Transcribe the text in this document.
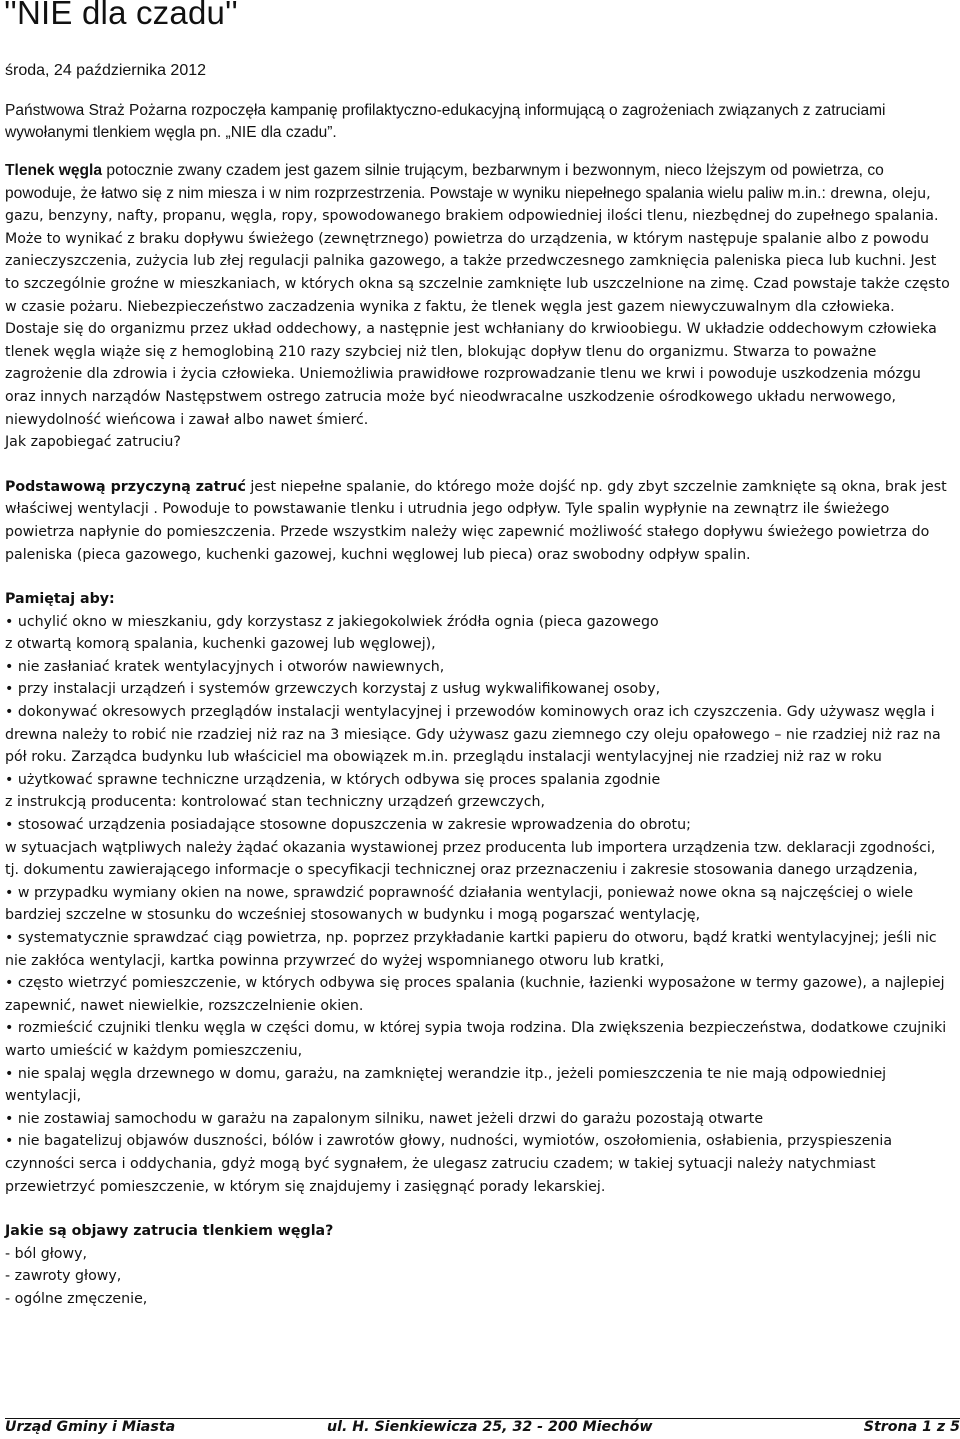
''NIE dla czadu''
środa, 24 października 2012
Państwowa Straż Pożarna rozpoczęła kampanię profilaktyczno-edukacyjną informującą o zagrożeniach związanych z zatruciami wywołanymi tlenkiem węgla pn. „NIE dla czadu”.

Tlenek węgla potocznie zwany czadem jest gazem silnie trującym, bezbarwnym i bezwonnym, nieco lżejszym od powietrza, co powoduje, że łatwo się z nim miesza i w nim rozprzestrzenia. Powstaje w wyniku niepełnego spalania wielu paliw m.in.: drewna, oleju, gazu, benzyny, nafty, propanu, węgla, ropy, spowodowanego brakiem odpowiedniej ilości tlenu, niezbędnej do zupełnego spalania. Może to wynikać z braku dopływu świeżego (zewnętrznego) powietrza do urządzenia, w którym następuje spalanie albo z powodu zanieczyszczenia, zużycia lub złej regulacji palnika gazowego, a także przedwczesnego zamknięcia paleniska pieca lub kuchni. Jest to szczególnie groźne w mieszkaniach, w których okna są szczelnie zamknięte lub uszczelnione na zimę. Czad powstaje także często w czasie pożaru. Niebezpieczeństwo zaczadzenia wynika z faktu, że tlenek węgla jest gazem niewyczuwalnym dla człowieka. Dostaje się do organizmu przez układ oddechowy, a następnie jest wchłaniany do krwioobiegu. W układzie oddechowym człowieka tlenek węgla wiąże się z hemoglobiną 210 razy szybciej niż tlen, blokując dopływ tlenu do organizmu. Stwarza to poważne zagrożenie dla zdrowia i życia człowieka. Uniemożliwia prawidłowe rozprowadzanie tlenu we krwi i powoduje uszkodzenia mózgu oraz innych narządów Następstwem ostrego zatrucia może być nieodwracalne uszkodzenie ośrodkowego układu nerwowego, niewydolność wieńcowa i zawał albo nawet śmierć.

Jak zapobiegać zatruciu?

Podstawową przyczyną zatruć jest niepełne spalanie, do którego może dojść np. gdy zbyt szczelnie zamknięte są okna, brak jest właściwej wentylacji . Powoduje to powstawanie tlenku i utrudnia jego odpływ. Tyle spalin wypłynie na zewnątrz ile świeżego powietrza napłynie do pomieszczenia. Przede wszystkim należy więc zapewnić możliwość stałego dopływu świeżego powietrza do paleniska (pieca gazowego, kuchenki gazowej, kuchni węglowej lub pieca) oraz swobodny odpływ spalin.

Pamiętaj aby:

• uchylić okno w mieszkaniu, gdy korzystasz z jakiegokolwiek źródła ognia (pieca gazowego
z otwartą komorą spalania, kuchenki gazowej lub węglowej),
• nie zasłaniać kratek wentylacyjnych i otworów nawiewnych,
• przy instalacji urządzeń i systemów grzewczych korzystaj z usług wykwalifikowanej osoby,
• dokonywać okresowych przeglądów instalacji wentylacyjnej i przewodów kominowych oraz ich czyszczenia. Gdy używasz węgla i drewna należy to robić nie rzadziej niż raz na 3 miesiące. Gdy używasz gazu ziemnego czy oleju opałowego – nie rzadziej niż raz na pół roku. Zarządca budynku lub właściciel ma obowiązek m.in. przeglądu instalacji wentylacyjnej nie rzadziej niż raz w roku
• użytkować sprawne techniczne urządzenia, w których odbywa się proces spalania zgodnie
z instrukcją producenta: kontrolować stan techniczny urządzeń grzewczych,
• stosować urządzenia posiadające stosowne dopuszczenia w zakresie wprowadzenia do obrotu;
w sytuacjach wątpliwych należy żądać okazania wystawionej przez producenta lub importera urządzenia tzw. deklaracji zgodności, tj. dokumentu zawierającego informacje o specyfikacji technicznej oraz przeznaczeniu i zakresie stosowania danego urządzenia,
• w przypadku wymiany okien na nowe, sprawdzić poprawność działania wentylacji, ponieważ nowe okna są najczęściej o wiele bardziej szczelne w stosunku do wcześniej stosowanych w budynku i mogą pogarszać wentylację,
• systematycznie sprawdzać ciąg powietrza, np. poprzez przykładanie kartki papieru do otworu, bądź kratki wentylacyjnej; jeśli nic nie zakłóca wentylacji, kartka powinna przywrzeć do wyżej wspomnianego otworu lub kratki,
• często wietrzyć pomieszczenie, w których odbywa się proces spalania (kuchnie, łazienki wyposażone w termy gazowe), a najlepiej zapewnić, nawet niewielkie, rozszczelnienie okien.
• rozmieścić czujniki tlenku węgla w części domu, w której sypia twoja rodzina. Dla zwiększenia bezpieczeństwa, dodatkowe czujniki warto umieścić w każdym pomieszczeniu,
• nie spalaj węgla drzewnego w domu, garażu, na zamkniętej werandzie itp., jeżeli pomieszczenia te nie mają odpowiedniej wentylacji,
• nie zostawiaj samochodu w garażu na zapalonym silniku, nawet jeżeli drzwi do garażu pozostają otwarte
• nie bagatelizuj objawów duszności, bólów i zawrotów głowy, nudności, wymiotów, oszołomienia, osłabienia, przyspieszenia czynności serca i oddychania, gdyż mogą być sygnałem, że ulegasz zatruciu czadem; w takiej sytuacji należy natychmiast przewietrzyć pomieszczenie, w którym się znajdujemy i zasięgnąć porady lekarskiej.

Jakie są objawy zatrucia tlenkiem węgla?

- ból głowy,
- zawroty głowy,
- ogólne zmęczenie,
Urząd Gminy i Miasta	ul. H. Sienkiewicza 25, 32 - 200 Miechów	Strona 1 z 5
